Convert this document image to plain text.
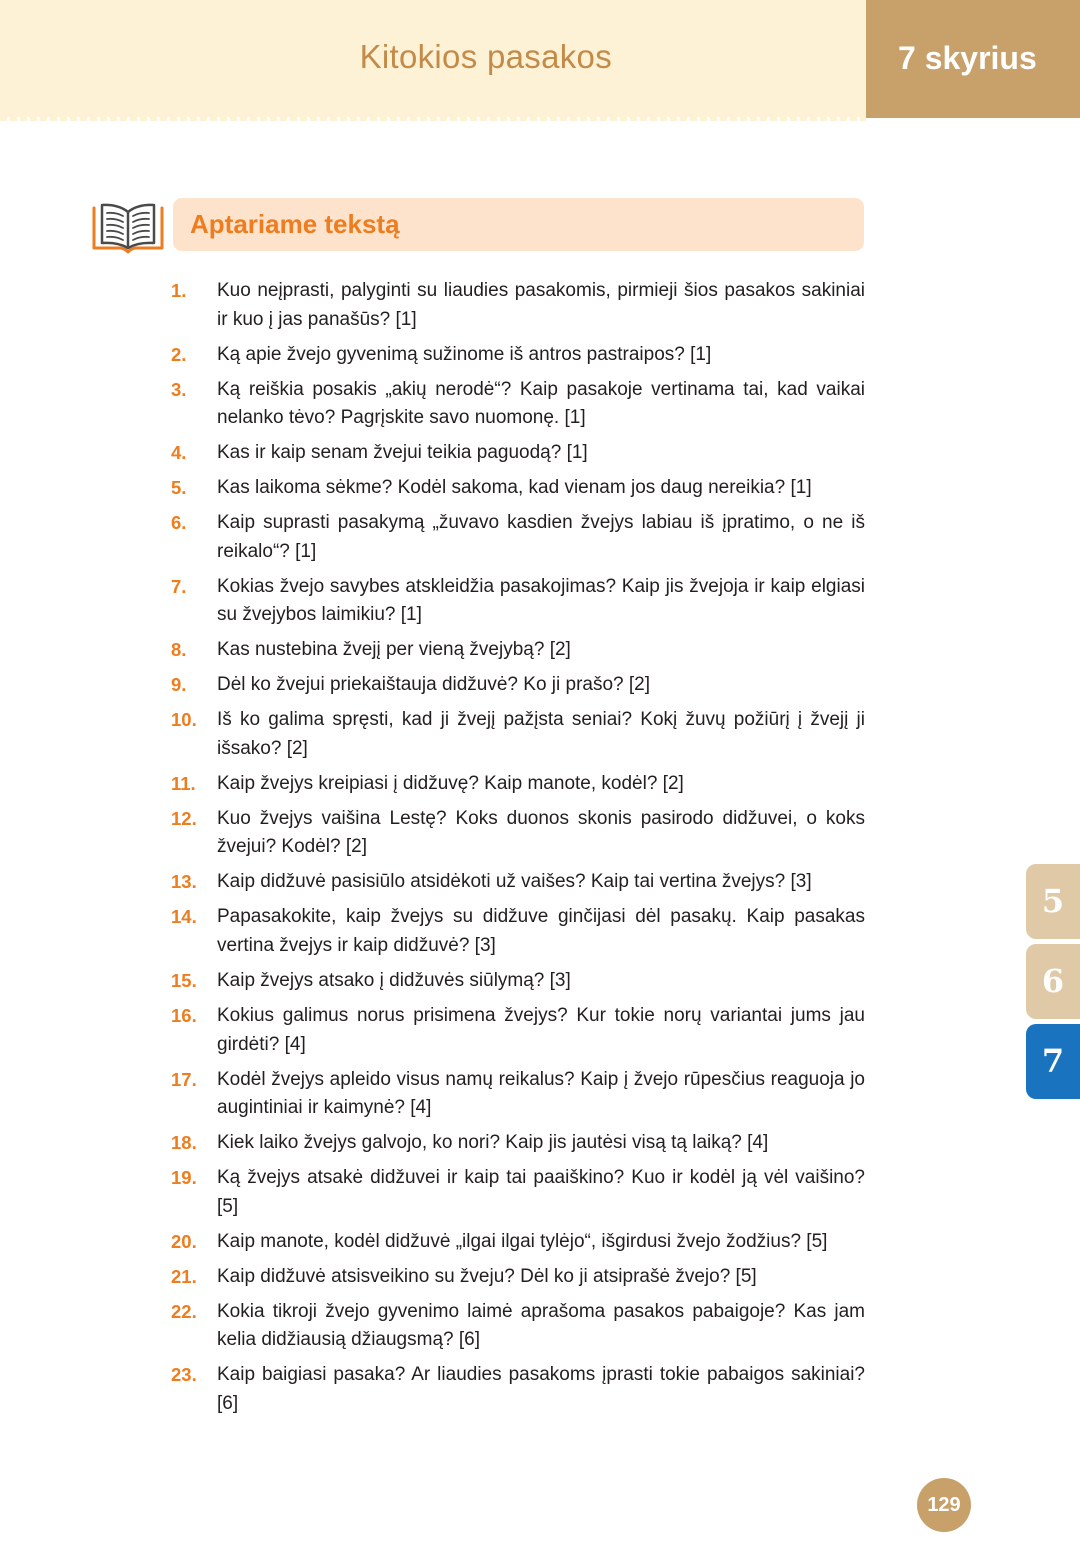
Kitokios pasakos	7 skyrius
Aptariame tekstą
1. Kuo neįprasti, palyginti su liaudies pasakomis, pirmieji šios pasakos sakiniai ir kuo į jas panašūs? [1]
2. Ką apie žvejo gyvenimą sužinome iš antros pastraipos? [1]
3. Ką reiškia posakis „akių nerodė“? Kaip pasakoje vertinama tai, kad vaikai nelanko tėvo? Pagrįskite savo nuomonę. [1]
4. Kas ir kaip senam žvejui teikia paguodą? [1]
5. Kas laikoma sėkme? Kodėl sakoma, kad vienam jos daug nereikia? [1]
6. Kaip suprasti pasakymą „žuvavo kasdien žvejys labiau iš įpratimo, o ne iš reikalo“? [1]
7. Kokias žvejo savybes atskleidžia pasakojimas? Kaip jis žvejoja ir kaip elgiasi su žvejybos laimikiu? [1]
8. Kas nustebina žvejį per vieną žvejybą? [2]
9. Dėl ko žvejui priekaištauja didžuvė? Ko ji prašo? [2]
10. Iš ko galima spręsti, kad ji žvejį pažįsta seniai? Kokį žuvų požiūrį į žvejį ji išsako? [2]
11. Kaip žvejys kreipiasi į didžuvę? Kaip manote, kodėl? [2]
12. Kuo žvejys vaišina Lestę? Koks duonos skonis pasirodo didžuvei, o koks žvejui? Kodėl? [2]
13. Kaip didžuvė pasisiūlo atsidėkoti už vaišes? Kaip tai vertina žvejys? [3]
14. Papasakokite, kaip žvejys su didžuve ginčijasi dėl pasakų. Kaip pasakas vertina žvejys ir kaip didžuvė? [3]
15. Kaip žvejys atsako į didžuvės siūlymą? [3]
16. Kokius galimus norus prisimena žvejys? Kur tokie norų variantai jums jau girdėti? [4]
17. Kodėl žvejys apleido visus namų reikalus? Kaip į žvejo rūpesčius reaguoja jo augintiniai ir kaimynė? [4]
18. Kiek laiko žvejys galvojo, ko nori? Kaip jis jautėsi visą tą laiką? [4]
19. Ką žvejys atsakė didžuvei ir kaip tai paaiškino? Kuo ir kodėl ją vėl vaišino? [5]
20. Kaip manote, kodėl didžuvė „ilgai ilgai tylėjo“, išgirdusi žvejo žodžius? [5]
21. Kaip didžuvė atsisveikino su žveju? Dėl ko ji atsiprašė žvejo? [5]
22. Kokia tikroji žvejo gyvenimo laimė aprašoma pasakos pabaigoje? Kas jam kelia didžiausią džiaugsmą? [6]
23. Kaip baigiasi pasaka? Ar liaudies pasakoms įprasti tokie pabaigos sakiniai? [6]
5
6
7
129
